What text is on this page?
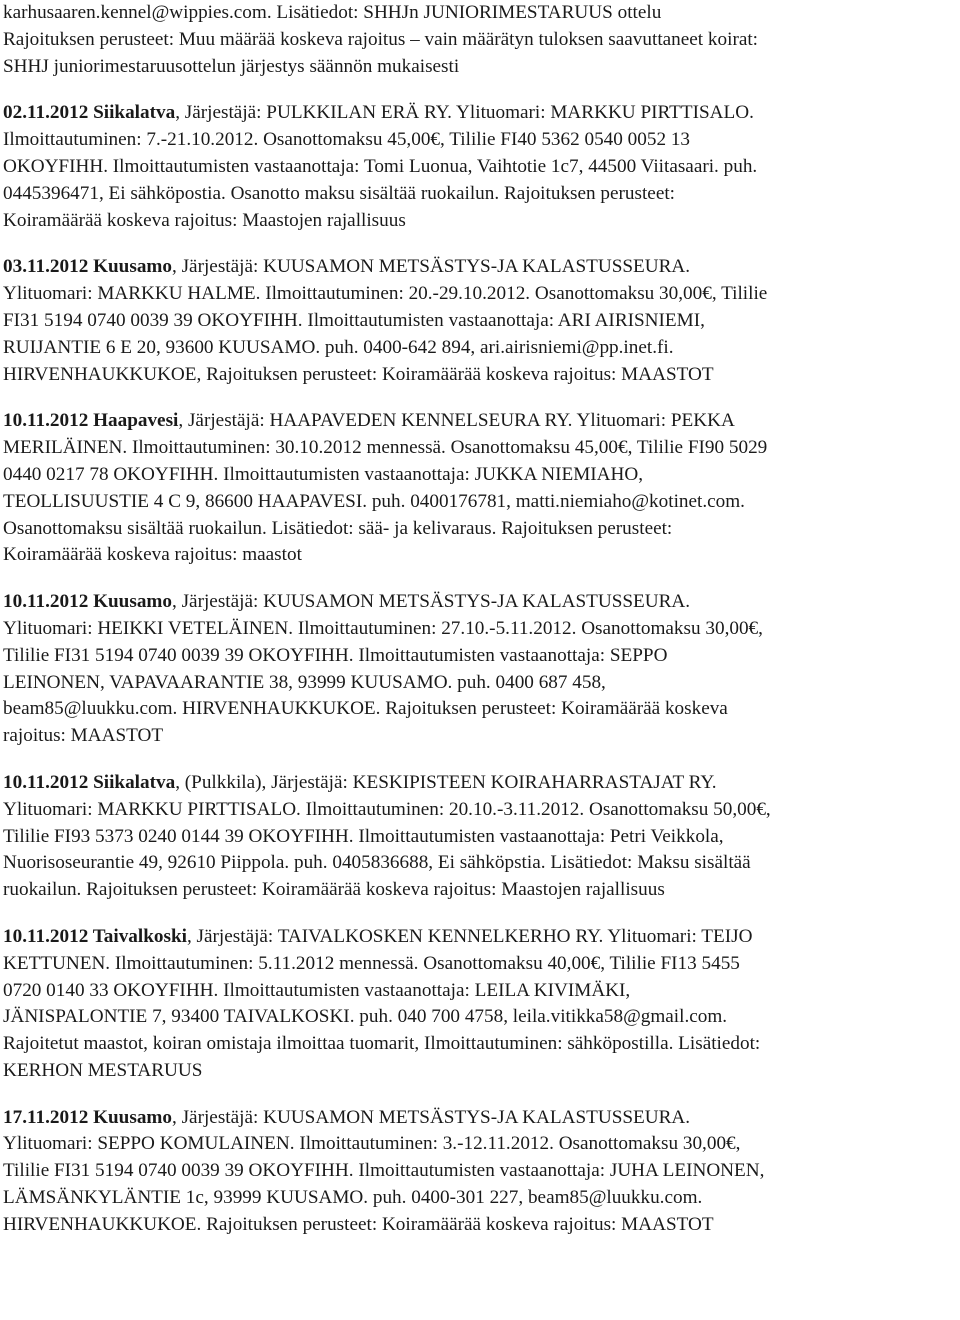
karhusaaren.kennel@wippies.com. Lisätiedot: SHHJn JUNIORIMESTARUUS ottelu
Rajoituksen perusteet: Muu määrää koskeva rajoitus – vain määrätyn tuloksen saavuttaneet koirat:
SHHJ juniorimestaruusottelun järjestys säännön mukaisesti

02.11.2012 Siikalatva, Järjestäjä: PULKKILAN ERÄ RY. Ylituomari: MARKKU PIRTTISALO.
Ilmoittautuminen: 7.-21.10.2012. Osanottomaksu 45,00€, Tililie FI40 5362 0540 0052 13
OKOYFIHH. Ilmoittautumisten vastaanottaja: Tomi Luonua, Vaihtotie 1c7, 44500 Viitasaari. puh.
0445396471, Ei sähköpostia. Osanotto maksu sisältää ruokailun. Rajoituksen perusteet:
Koiramäärää koskeva rajoitus: Maastojen rajallisuus

03.11.2012 Kuusamo, Järjestäjä: KUUSAMON METSÄSTYS-JA KALASTUSSEURA.
Ylituomari: MARKKU HALME. Ilmoittautuminen: 20.-29.10.2012. Osanottomaksu 30,00€, Tililie
FI31 5194 0740 0039 39 OKOYFIHH. Ilmoittautumisten vastaanottaja: ARI AIRISNIEMI,
RUIJANTIE 6 E 20, 93600 KUUSAMO. puh. 0400-642 894, ari.airisniemi@pp.inet.fi.
HIRVENHAUKKUKOE, Rajoituksen perusteet: Koiramäärää koskeva rajoitus: MAASTOT

10.11.2012 Haapavesi, Järjestäjä: HAAPAVEDEN KENNELSEURA RY. Ylituomari: PEKKA
MERILÄINEN. Ilmoittautuminen: 30.10.2012 mennessä. Osanottomaksu 45,00€, Tililie FI90 5029
0440 0217 78 OKOYFIHH. Ilmoittautumisten vastaanottaja: JUKKA NIEMIAHO,
TEOLLISUUSTIE 4 C 9, 86600 HAAPAVESI. puh. 0400176781, matti.niemiaho@kotinet.com.
Osanottomaksu sisältää ruokailun. Lisätiedot: sää- ja kelivaraus. Rajoituksen perusteet:
Koiramäärää koskeva rajoitus: maastot

10.11.2012 Kuusamo, Järjestäjä: KUUSAMON METSÄSTYS-JA KALASTUSSEURA.
Ylituomari: HEIKKI VETELÄINEN. Ilmoittautuminen: 27.10.-5.11.2012. Osanottomaksu 30,00€,
Tililie FI31 5194 0740 0039 39 OKOYFIHH. Ilmoittautumisten vastaanottaja: SEPPO
LEINONEN, VAPAVAARANTIE 38, 93999 KUUSAMO. puh. 0400 687 458,
beam85@luukku.com. HIRVENHAUKKUKOE. Rajoituksen perusteet: Koiramäärää koskeva
rajoitus: MAASTOT

10.11.2012 Siikalatva, (Pulkkila), Järjestäjä: KESKIPISTEEN KOIRAHARRASTAJAT RY.
Ylituomari: MARKKU PIRTTISALO. Ilmoittautuminen: 20.10.-3.11.2012. Osanottomaksu 50,00€,
Tililie FI93 5373 0240 0144 39 OKOYFIHH. Ilmoittautumisten vastaanottaja: Petri Veikkola,
Nuorisoseurantie 49, 92610 Piippola. puh. 0405836688, Ei sähköpstia. Lisätiedot: Maksu sisältää
ruokailun. Rajoituksen perusteet: Koiramäärää koskeva rajoitus: Maastojen rajallisuus

10.11.2012 Taivalkoski, Järjestäjä: TAIVALKOSKEN KENNELKERHO RY. Ylituomari: TEIJO
KETTUNEN. Ilmoittautuminen: 5.11.2012 mennessä. Osanottomaksu 40,00€, Tililie FI13 5455
0720 0140 33 OKOYFIHH. Ilmoittautumisten vastaanottaja: LEILA KIVIMÄKI,
JÄNISPALONTIE 7, 93400 TAIVALKOSKI. puh. 040 700 4758, leila.vitikka58@gmail.com.
Rajoitetut maastot, koiran omistaja ilmoittaa tuomarit, Ilmoittautuminen: sähköpostilla. Lisätiedot:
KERHON MESTARUUS

17.11.2012 Kuusamo, Järjestäjä: KUUSAMON METSÄSTYS-JA KALASTUSSEURA.
Ylituomari: SEPPO KOMULAINEN. Ilmoittautuminen: 3.-12.11.2012. Osanottomaksu 30,00€,
Tililie FI31 5194 0740 0039 39 OKOYFIHH. Ilmoittautumisten vastaanottaja: JUHA LEINONEN,
LÄMSÄNKYLÄNTIE 1c, 93999 KUUSAMO. puh. 0400-301 227, beam85@luukku.com.
HIRVENHAUKKUKOE. Rajoituksen perusteet: Koiramäärää koskeva rajoitus: MAASTOT
